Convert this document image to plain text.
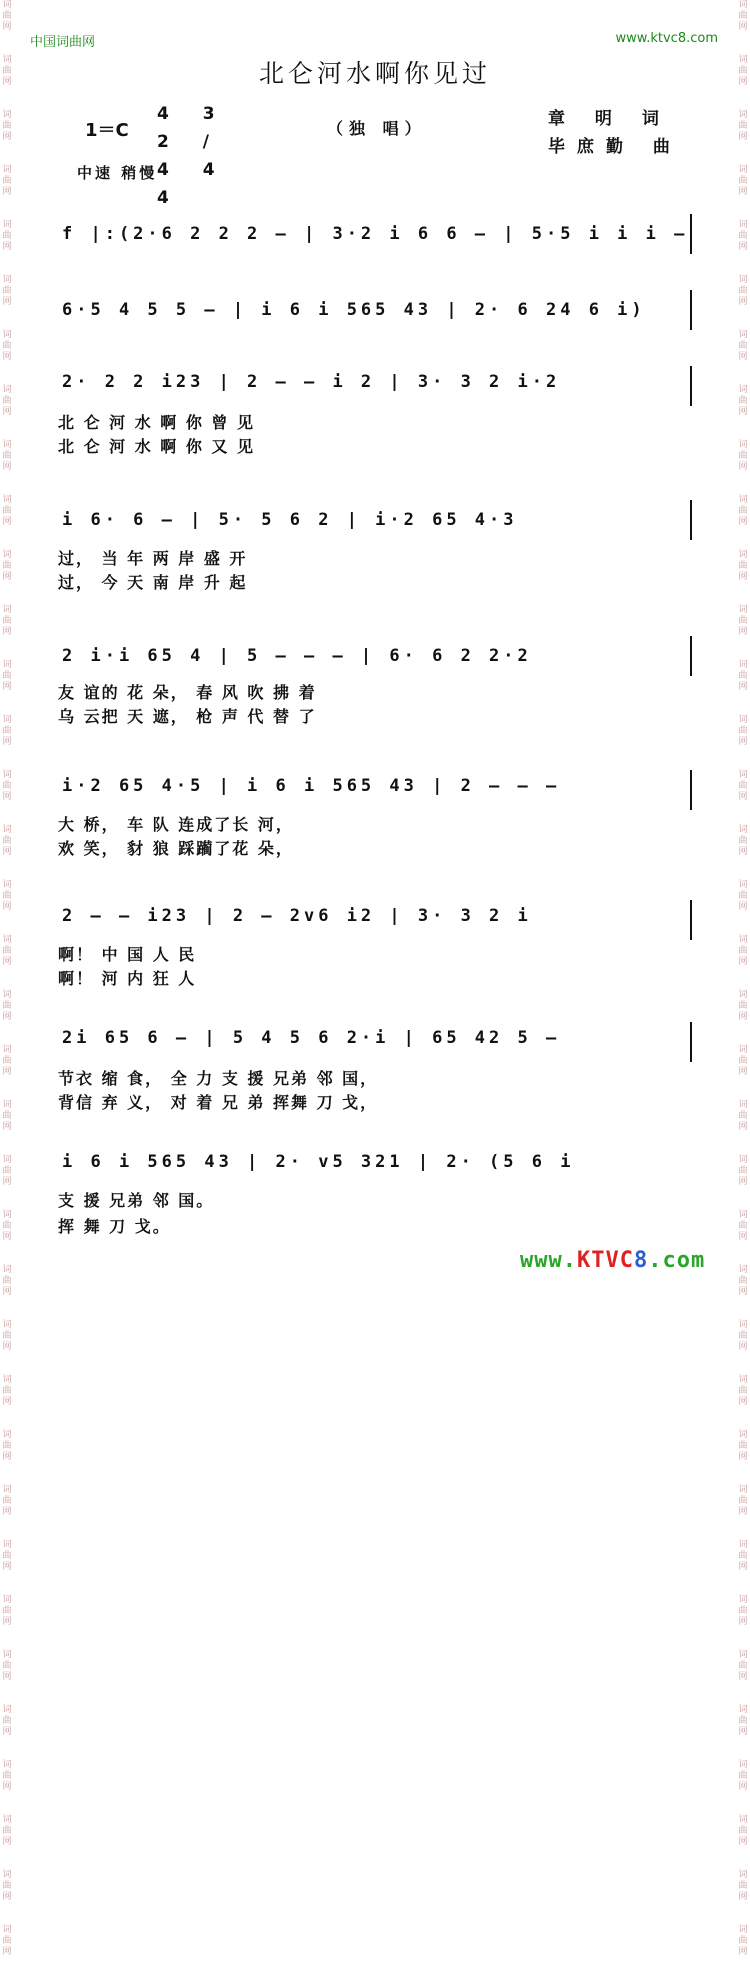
中国词曲网	www.ktvc8.com
词
曲
网

词
曲
网

词
曲
网

词
曲
网

词
曲
网

词
曲
网

词
曲
网

词
曲
网

词
曲
网

词
曲
网

词
曲
网

词
曲
网

词
曲
网

词
曲
网

词
曲
网

词
曲
网

词
曲
网

词
曲
网

词
曲
网

词
曲
网

词
曲
网

词
曲
网

词
曲
网

词
曲
网

词
曲
网

词
曲
网

词
曲
网

词
曲
网

词
曲
网

词
曲
网

词
曲
网

词
曲
网

词
曲
网

词
曲
网

词
曲
网

词
曲
网

词
曲
网

词
曲
网

词
曲
网

词
曲
网

词
曲
网

词
曲
网

词
曲
网

词
曲
网

词
曲
网

词
曲
网

词
曲
网

词
曲
网

词
曲
网

词
曲
网

词
曲
网

词
曲
网

词
曲
网

词
曲
网

词
曲
网

词
曲
网

词
曲
网

词
曲
网

词
曲
网

词
曲
网

词
曲
网

词
曲
网

词
曲
网

词
曲
网

词
曲
网

词
曲
网

词
曲
网

词
曲
网

词
曲
网

词
曲
网

词
曲
网

词
曲
网

北仑河水啊你见过
1＝C
4 3 2 / 4 4 4
（独 唱）	章 明 词
毕庶勤 曲
中速 稍慢
f |:(2·6 2 2 2 — | 3·2 i 6 6 — | 5·5 i i i —
6·5 4 5 5 — | i 6 i 565 43 | 2· 6 24 6 i)
2· 2 2 i23 | 2 — — i 2 | 3· 3 2 i·2
北 仑 河 水 啊 你 曾 见
北 仑 河 水 啊 你 又 见
i 6· 6 — | 5· 5 6 2 | i·2 65 4·3
过， 当 年 两 岸 盛 开
过， 今 天 南 岸 升 起
2 i·i 65 4 | 5 — — — | 6· 6 2 2·2
友 谊的 花 朵， 春 风 吹 拂 着
乌 云把 天 遮， 枪 声 代 替 了
i·2 65 4·5 | i 6 i 565 43 | 2 — — —
大 桥， 车 队 连成了长 河，
欢 笑， 豺 狼 踩躏了花 朵，
2 — — i23 | 2 — 2v6 i2 | 3· 3 2 i
啊！ 中 国 人 民
啊！ 河 内 狂 人
2i 65 6 — | 5 4 5 6 2·i | 65 42 5 —
节衣 缩 食， 全 力 支 援 兄弟 邻 国，
背信 弃 义， 对 着 兄 弟 挥舞 刀 戈，
i 6 i 565 43 | 2· v5 321 | 2· (5 6 i
支 援 兄弟 邻 国。
挥 舞 刀 戈。
www.KTVC8.com
